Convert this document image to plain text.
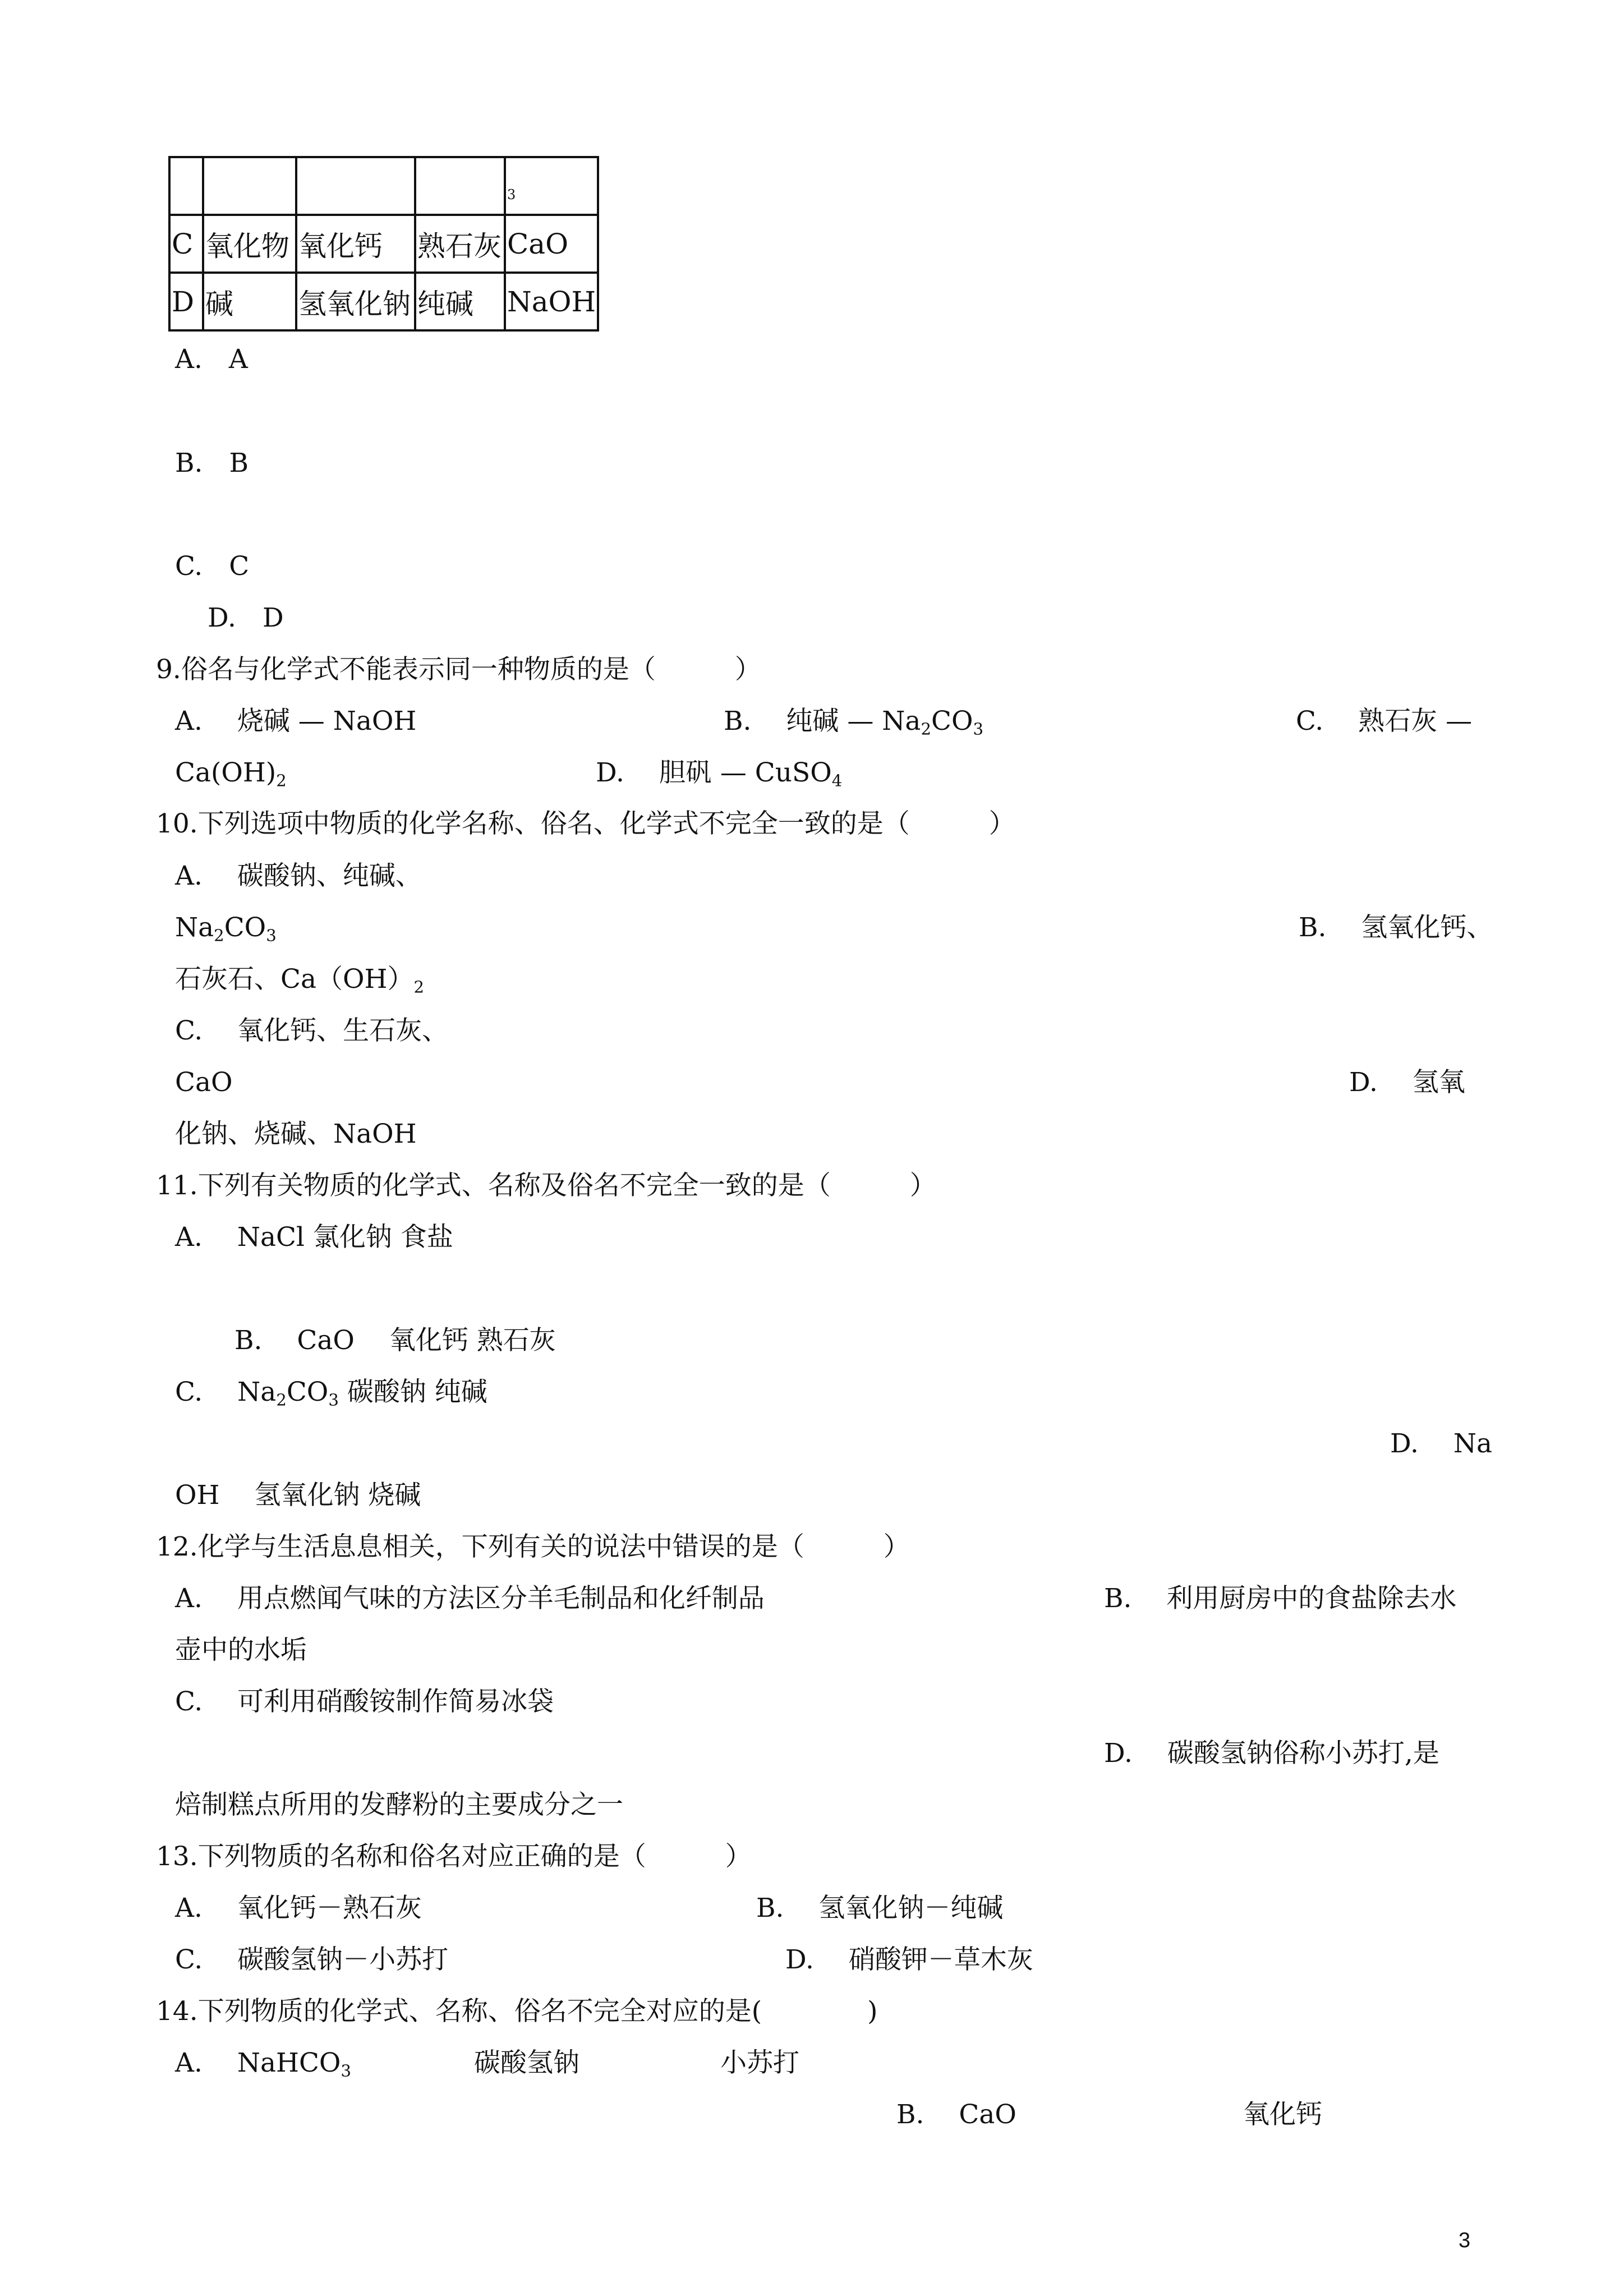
				3
C	氧化物	氧化钙	熟石灰	CaO
D	碱	氢氧化钠	纯碱	NaOH
A.　A
B.　B
C.　C
D.　D
9.俗名与化学式不能表示同一种物质的是（　　　）
A.　 烧碱 — NaOH	B.　 纯碱 — $Na_2CO_3$	C.　 熟石灰 —
$Ca(OH)_2$	D.　 胆矾 — CuSO$_4$
10.下列选项中物质的化学名称、俗名、化学式不完全一致的是（　　　）
A.　 碳酸钠、纯碱、
$Na_2CO_3$	B.　 氢氧化钙、
石灰石、$Ca(OH)_2$
C.　 氧化钙、生石灰、
CaO	D.　 氢氧
化钠、烧碱、NaOH
11.下列有关物质的化学式、名称及俗名不完全一致的是（　　　）
A.　 NaCl 氯化钠 食盐
B.　 CaO　 氧化钙 熟石灰
C.　 $Na_2CO_3$ 碳酸钠 纯碱
D.　 Na
OH　 氢氧化钠 烧碱
12.化学与生活息息相关，下列有关的说法中错误的是（　　　）
A.　 用点燃闻气味的方法区分羊毛制品和化纤制品	B.　 利用厨房中的食盐除去水
壶中的水垢
C.　 可利用硝酸铵制作简易冰袋
D.　 碳酸氢钠俗称小苏打,是
焙制糕点所用的发酵粉的主要成分之一
13.下列物质的名称和俗名对应正确的是（　　　）
A.　 氧化钙－熟石灰	B.　 氢氧化钠－纯碱
C.　 碳酸氢钠－小苏打	D.　 硝酸钾－草木灰
14.下列物质的化学式、名称、俗名不完全对应的是(　　　　)
A.　 NaHCO$_3$	碳酸氢钠	小苏打
B.　 CaO	氧化钙
3
